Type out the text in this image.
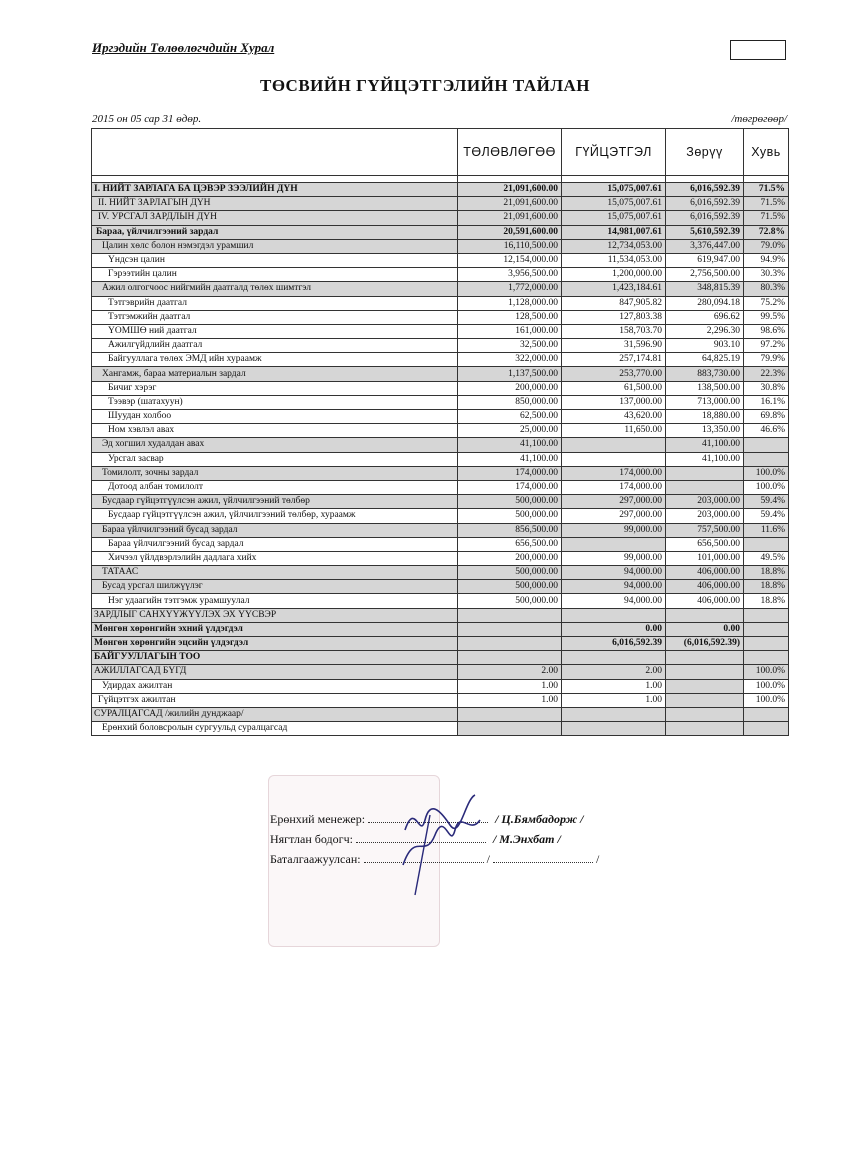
Иргэдийн Төлөөлөгчдийн Хурал
ТӨСВИЙН ГҮЙЦЭТГЭЛИЙН ТАЙЛАН
2015 он 05 сар 31 өдөр.	/төгрөгөөр/
	ТӨЛӨВЛӨГӨӨ	ГҮЙЦЭТГЭЛ	Зөрүү	Хувь

I. НИЙТ ЗАРЛАГА БА ЦЭВЭР ЗЭЭЛИЙН ДҮН	21,091,600.00	15,075,007.61	6,016,592.39	71.5%
II. НИЙТ ЗАРЛАГЫН ДҮН	21,091,600.00	15,075,007.61	6,016,592.39	71.5%
IV. УРСГАЛ ЗАРДЛЫН ДҮН	21,091,600.00	15,075,007.61	6,016,592.39	71.5%
Бараа, үйлчилгээний зардал	20,591,600.00	14,981,007.61	5,610,592.39	72.8%
Цалин хөлс болон нэмэгдэл урамшил	16,110,500.00	12,734,053.00	3,376,447.00	79.0%
Үндсэн цалин	12,154,000.00	11,534,053.00	619,947.00	94.9%
Гэрээтийн цалин	3,956,500.00	1,200,000.00	2,756,500.00	30.3%
Ажил олгогчоос нийгмийн даатгалд төлөх шимтгэл	1,772,000.00	1,423,184.61	348,815.39	80.3%
Тэтгэврийн даатгал	1,128,000.00	847,905.82	280,094.18	75.2%
Тэтгэмжийн даатгал	128,500.00	127,803.38	696.62	99.5%
ҮОМШӨ ний даатгал	161,000.00	158,703.70	2,296.30	98.6%
Ажилгүйдлийн даатгал	32,500.00	31,596.90	903.10	97.2%
Байгууллага төлөх ЭМД ийн хураамж	322,000.00	257,174.81	64,825.19	79.9%
Хангамж, бараа материалын зардал	1,137,500.00	253,770.00	883,730.00	22.3%
Бичиг хэрэг	200,000.00	61,500.00	138,500.00	30.8%
Тээвэр (шатахуун)	850,000.00	137,000.00	713,000.00	16.1%
Шуудан холбоо	62,500.00	43,620.00	18,880.00	69.8%
Ном хэвлэл авах	25,000.00	11,650.00	13,350.00	46.6%
Эд хогшил худалдан авах	41,100.00		41,100.00	
Урсгал засвар	41,100.00		41,100.00	
Томилолт, зочны зардал	174,000.00	174,000.00		100.0%
Дотоод албан томилолт	174,000.00	174,000.00		100.0%
Бусдаар гүйцэтгүүлсэн ажил, үйлчилгээний төлбөр	500,000.00	297,000.00	203,000.00	59.4%
Бусдаар гүйцэтгүүлсэн ажил, үйлчилгээний төлбөр, хураамж	500,000.00	297,000.00	203,000.00	59.4%
Бараа үйлчилгээний бусад зардал	856,500.00	99,000.00	757,500.00	11.6%
Бараа үйлчилгээний бусад зардал	656,500.00		656,500.00	
Хичээл үйлдвэрлэлийн дадлага хийх	200,000.00	99,000.00	101,000.00	49.5%
ТАТААС	500,000.00	94,000.00	406,000.00	18.8%
Бусад урсгал шилжүүлэг	500,000.00	94,000.00	406,000.00	18.8%
Нэг удаагийн тэтгэмж урамшуулал	500,000.00	94,000.00	406,000.00	18.8%
ЗАРДЛЫГ САНХҮҮЖҮҮЛЭХ ЭХ ҮҮСВЭР				
Мөнгөн хөрөнгийн эхний үлдэгдэл		0.00	0.00	
Мөнгөн хөрөнгийн эцсийн үлдэгдэл		6,016,592.39	(6,016,592.39)	
БАЙГУУЛЛАГЫН ТОО				
АЖИЛЛАГСАД БҮГД	2.00	2.00		100.0%
Удирдах ажилтан	1.00	1.00		100.0%
Гүйцэтгэх ажилтан	1.00	1.00		100.0%
СУРАЛЦАГСАД /жилийн дунджаар/				
Ерөнхий боловсролын сургуульд суралцагсад				
Ерөнхий менежер:	/ Ц.Бямбадорж /
Нягтлан бодогч:	/ М.Энхбат /
Баталгаажуулсан:	/	/
